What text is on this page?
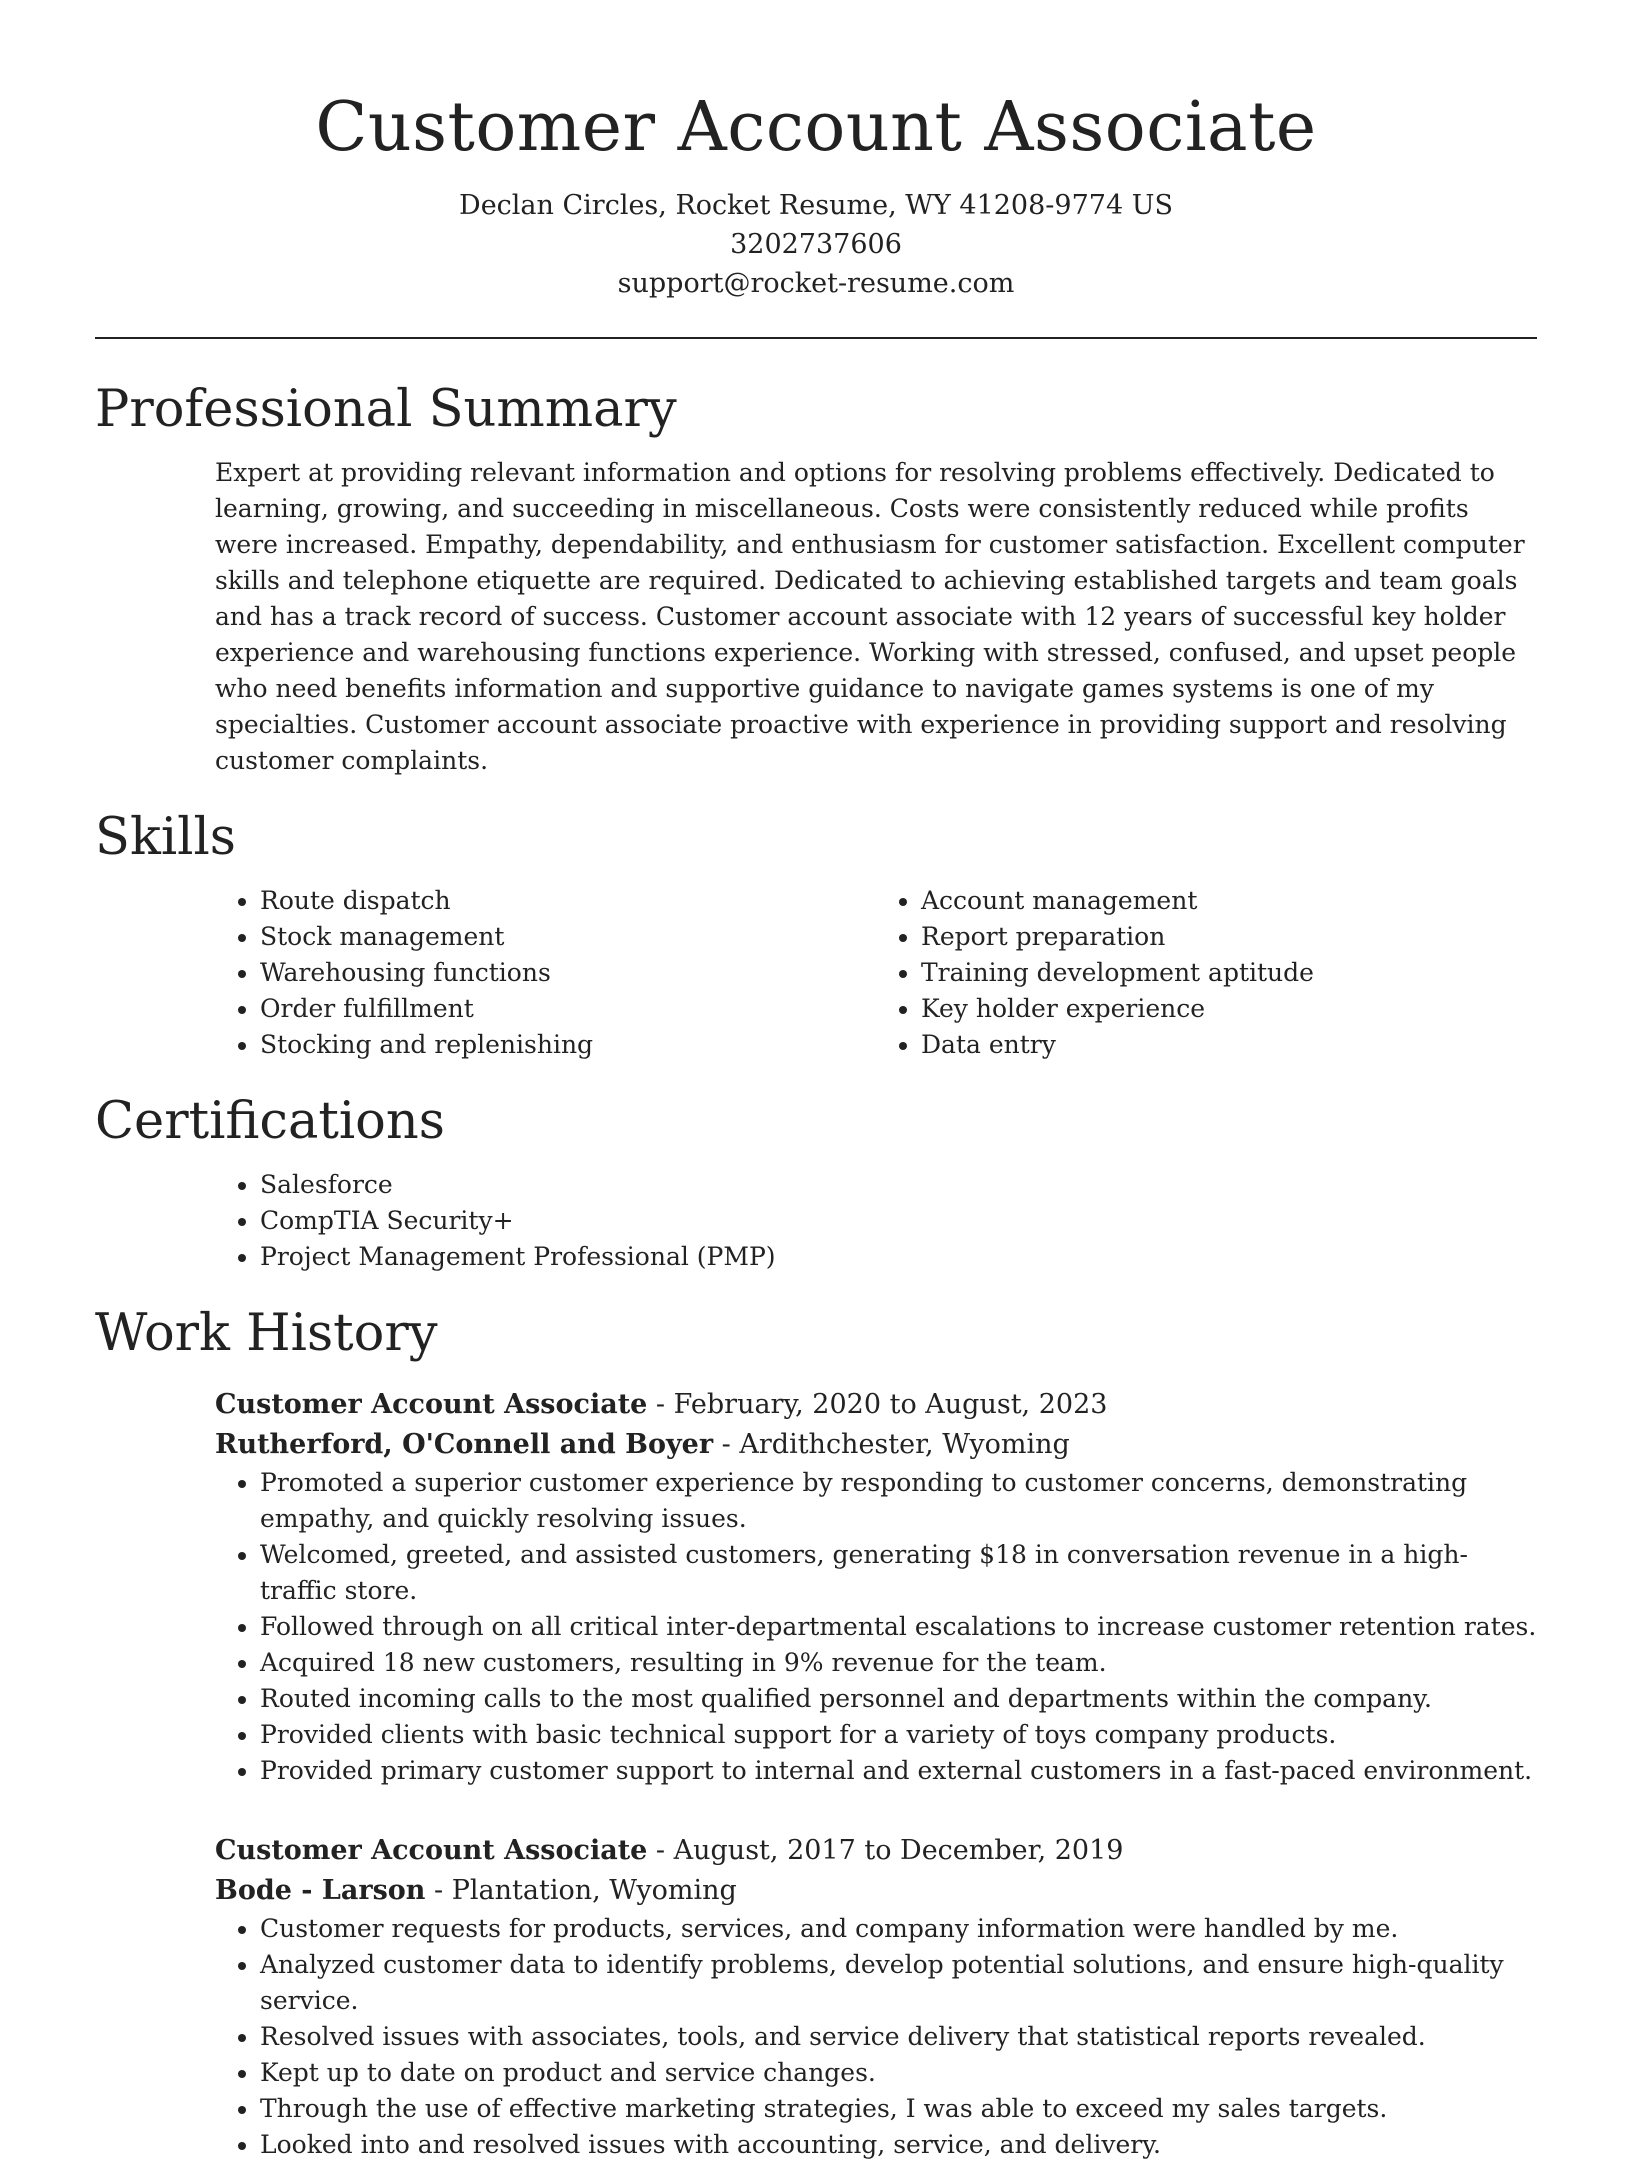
Customer Account Associate
Declan Circles, Rocket Resume, WY 41208-9774 US
3202737606
support@rocket-resume.com
Professional Summary

Expert at providing relevant information and options for resolving problems effectively. Dedicated to learning, growing, and succeeding in miscellaneous. Costs were consistently reduced while profits were increased. Empathy, dependability, and enthusiasm for customer satisfaction. Excellent computer skills and telephone etiquette are required. Dedicated to achieving established targets and team goals and has a track record of success. Customer account associate with 12 years of successful key holder experience and warehousing functions experience. Working with stressed, confused, and upset people who need benefits information and supportive guidance to navigate games systems is one of my specialties. Customer account associate proactive with experience in providing support and resolving customer complaints.

Skills
• Route dispatch
• Stock management
• Warehousing functions
• Order fulfillment
• Stocking and replenishing
• Account management
• Report preparation
• Training development aptitude
• Key holder experience
• Data entry
Certifications
• Salesforce
• CompTIA Security+
• Project Management Professional (PMP)
Work History
Customer Account Associate - February, 2020 to August, 2023
Rutherford, O'Connell and Boyer - Ardithchester, Wyoming
• Promoted a superior customer experience by responding to customer concerns, demonstrating empathy, and quickly resolving issues.
• Welcomed, greeted, and assisted customers, generating $18 in conversation revenue in a high-traffic store.
• Followed through on all critical inter-departmental escalations to increase customer retention rates.
• Acquired 18 new customers, resulting in 9% revenue for the team.
• Routed incoming calls to the most qualified personnel and departments within the company.
• Provided clients with basic technical support for a variety of toys company products.
• Provided primary customer support to internal and external customers in a fast-paced environment.
Customer Account Associate - August, 2017 to December, 2019
Bode - Larson - Plantation, Wyoming
• Customer requests for products, services, and company information were handled by me.
• Analyzed customer data to identify problems, develop potential solutions, and ensure high-quality service.
• Resolved issues with associates, tools, and service delivery that statistical reports revealed.
• Kept up to date on product and service changes.
• Through the use of effective marketing strategies, I was able to exceed my sales targets.
• Looked into and resolved issues with accounting, service, and delivery.
